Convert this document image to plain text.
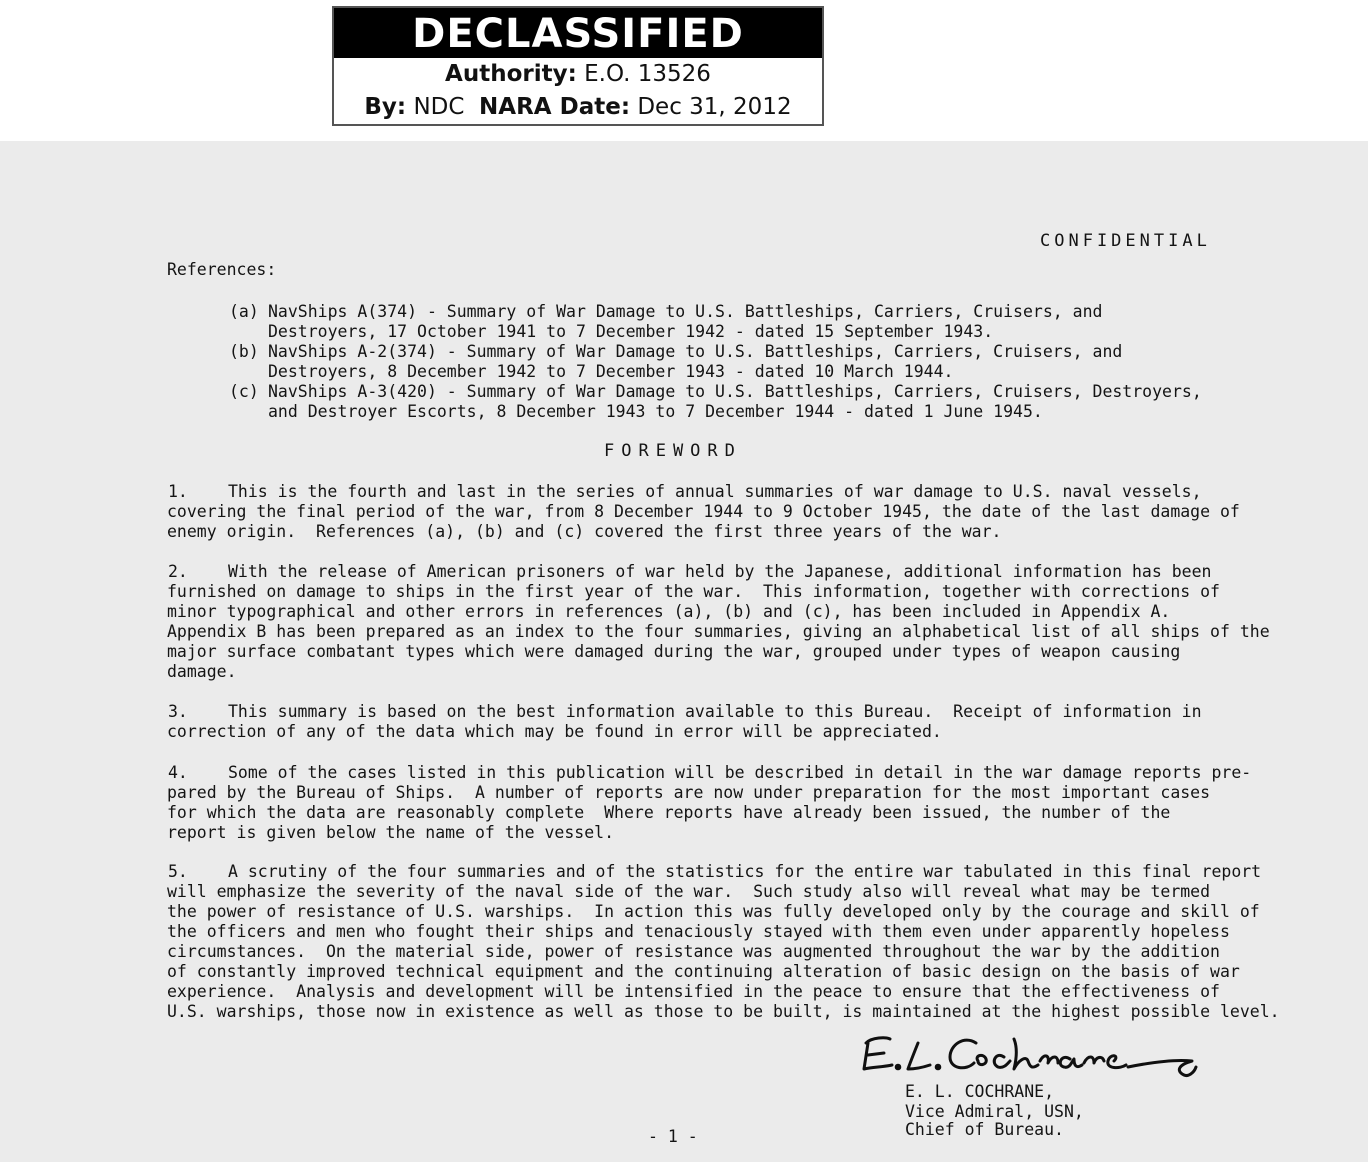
DECLASSIFIED
Authority: E.O. 13526
By: NDC NARA Date: Dec 31, 2012
CONFIDENTIAL
References:
(a) NavShips A(374) - Summary of War Damage to U.S. Battleships, Carriers, Cruisers, and
Destroyers, 17 October 1941 to 7 December 1942 - dated 15 September 1943.
(b) NavShips A-2(374) - Summary of War Damage to U.S. Battleships, Carriers, Cruisers, and
Destroyers, 8 December 1942 to 7 December 1943 - dated 10 March 1944.
(c) NavShips A-3(420) - Summary of War Damage to U.S. Battleships, Carriers, Cruisers, Destroyers,
and Destroyer Escorts, 8 December 1943 to 7 December 1944 - dated 1 June 1945.
FOREWORD
1. This is the fourth and last in the series of annual summaries of war damage to U.S. naval vessels,
covering the final period of the war, from 8 December 1944 to 9 October 1945, the date of the last damage of
enemy origin.  References (a), (b) and (c) covered the first three years of the war.
2. With the release of American prisoners of war held by the Japanese, additional information has been
furnished on damage to ships in the first year of the war.  This information, together with corrections of
minor typographical and other errors in references (a), (b) and (c), has been included in Appendix A.
Appendix B has been prepared as an index to the four summaries, giving an alphabetical list of all ships of the
major surface combatant types which were damaged during the war, grouped under types of weapon causing
damage.
3. This summary is based on the best information available to this Bureau.  Receipt of information in
correction of any of the data which may be found in error will be appreciated.
4. Some of the cases listed in this publication will be described in detail in the war damage reports pre-
pared by the Bureau of Ships.  A number of reports are now under preparation for the most important cases
for which the data are reasonably complete  Where reports have already been issued, the number of the
report is given below the name of the vessel.
5. A scrutiny of the four summaries and of the statistics for the entire war tabulated in this final report
will emphasize the severity of the naval side of the war.  Such study also will reveal what may be termed
the power of resistance of U.S. warships.  In action this was fully developed only by the courage and skill of
the officers and men who fought their ships and tenaciously stayed with them even under apparently hopeless
circumstances.  On the material side, power of resistance was augmented throughout the war by the addition
of constantly improved technical equipment and the continuing alteration of basic design on the basis of war
experience.  Analysis and development will be intensified in the peace to ensure that the effectiveness of
U.S. warships, those now in existence as well as those to be built, is maintained at the highest possible level.
E. L. COCHRANE,
Vice Admiral, USN,
Chief of Bureau.
- 1 -
